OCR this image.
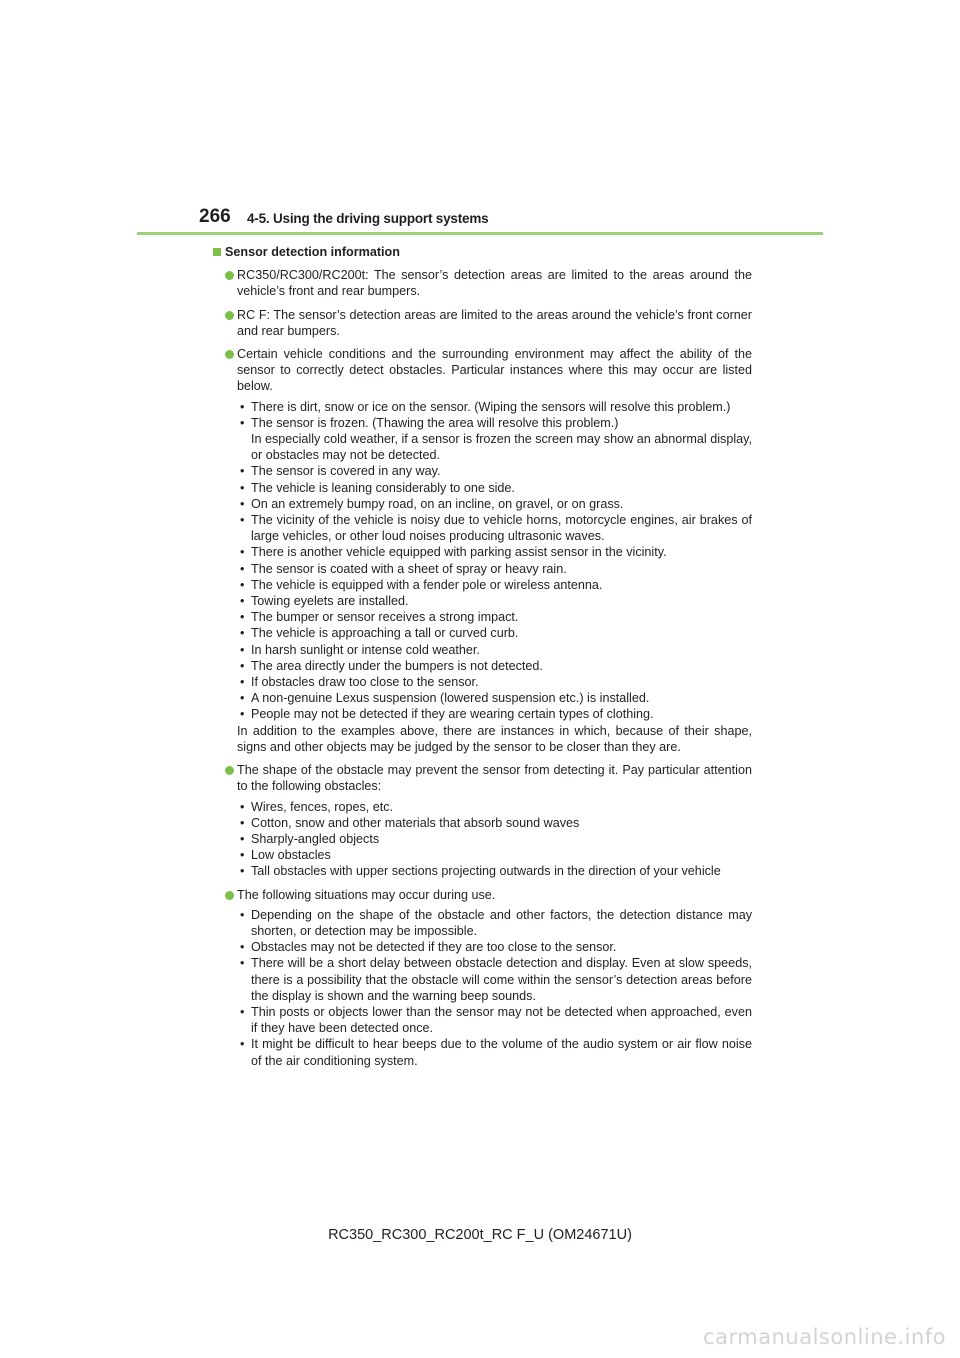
266 4-5. Using the driving support systems
Sensor detection information
RC350/RC300/RC200t: The sensor’s detection areas are limited to the areas around the vehicle’s front and rear bumpers.
RC F: The sensor’s detection areas are limited to the areas around the vehicle’s front corner and rear bumpers.
Certain vehicle conditions and the surrounding environment may affect the ability of the sensor to correctly detect obstacles. Particular instances where this may occur are listed below.
• There is dirt, snow or ice on the sensor. (Wiping the sensors will resolve this problem.)
• The sensor is frozen. (Thawing the area will resolve this problem.)
In especially cold weather, if a sensor is frozen the screen may show an abnormal display, or obstacles may not be detected.
• The sensor is covered in any way.
• The vehicle is leaning considerably to one side.
• On an extremely bumpy road, on an incline, on gravel, or on grass.
• The vicinity of the vehicle is noisy due to vehicle horns, motorcycle engines, air brakes of large vehicles, or other loud noises producing ultrasonic waves.
• There is another vehicle equipped with parking assist sensor in the vicinity.
• The sensor is coated with a sheet of spray or heavy rain.
• The vehicle is equipped with a fender pole or wireless antenna.
• Towing eyelets are installed.
• The bumper or sensor receives a strong impact.
• The vehicle is approaching a tall or curved curb.
• In harsh sunlight or intense cold weather.
• The area directly under the bumpers is not detected.
• If obstacles draw too close to the sensor.
• A non-genuine Lexus suspension (lowered suspension etc.) is installed.
• People may not be detected if they are wearing certain types of clothing.
In addition to the examples above, there are instances in which, because of their shape, signs and other objects may be judged by the sensor to be closer than they are.
The shape of the obstacle may prevent the sensor from detecting it. Pay particular attention to the following obstacles:
• Wires, fences, ropes, etc.
• Cotton, snow and other materials that absorb sound waves
• Sharply-angled objects
• Low obstacles
• Tall obstacles with upper sections projecting outwards in the direction of your vehicle
The following situations may occur during use.
• Depending on the shape of the obstacle and other factors, the detection distance may shorten, or detection may be impossible.
• Obstacles may not be detected if they are too close to the sensor.
• There will be a short delay between obstacle detection and display. Even at slow speeds, there is a possibility that the obstacle will come within the sensor’s detection areas before the display is shown and the warning beep sounds.
• Thin posts or objects lower than the sensor may not be detected when approached, even if they have been detected once.
• It might be difficult to hear beeps due to the volume of the audio system or air flow noise of the air conditioning system.
RC350_RC300_RC200t_RC F_U (OM24671U)
carmanualsonline.info
